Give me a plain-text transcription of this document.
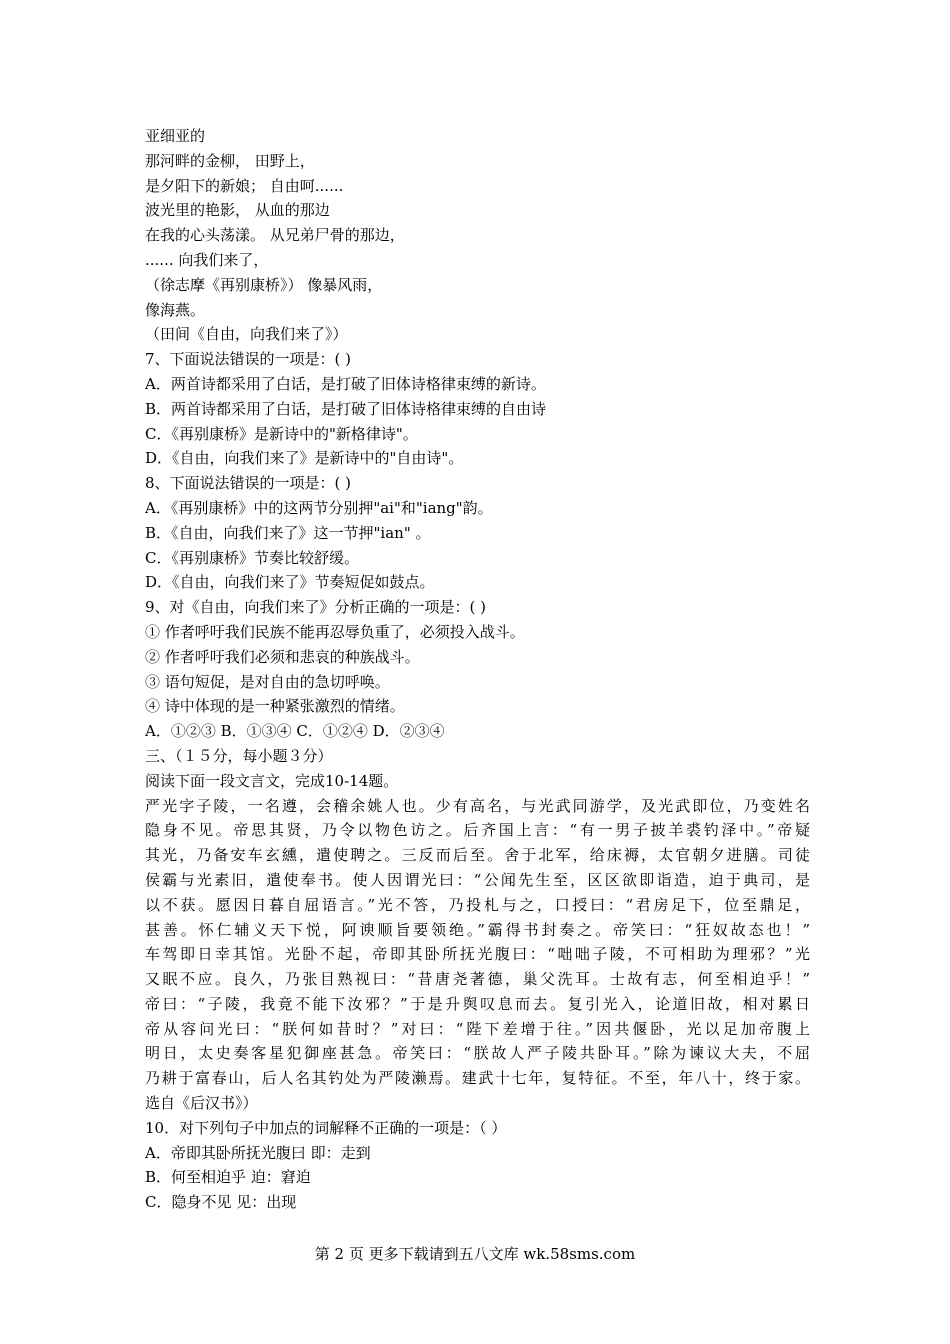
亚细亚的
那河畔的金柳， 田野上，
是夕阳下的新娘； 自由呵......
波光里的艳影， 从血的那边
在我的心头荡漾。 从兄弟尸骨的那边，
...... 向我们来了，
（徐志摩《再别康桥》） 像暴风雨，
像海燕。
（田间《自由，向我们来了》）
7、下面说法错误的一项是：( )
A．两首诗都采用了白话，是打破了旧体诗格律束缚的新诗。
B．两首诗都采用了白话，是打破了旧体诗格律束缚的自由诗
C．《再别康桥》是新诗中的"新格律诗"。
D．《自由，向我们来了》是新诗中的"自由诗"。
8、下面说法错误的一项是：( )
A．《再别康桥》中的这两节分别押"ai"和"iang"韵。
B．《自由，向我们来了》这一节押"ian" 。
C．《再别康桥》节奏比较舒缓。
D．《自由，向我们来了》节奏短促如鼓点。
9、对《自由，向我们来了》分析正确的一项是：( )
① 作者呼吁我们民族不能再忍辱负重了，必须投入战斗。
② 作者呼吁我们必须和悲哀的种族战斗。
③ 语句短促，是对自由的急切呼唤。
④ 诗中体现的是一种紧张激烈的情绪。
A．①②③ B．①③④ C．①②④ D．②③④
三、（１５分，每小题３分）
阅读下面一段文言文，完成10-14题。
严光字子陵，一名遵，会稽余姚人也。少有高名，与光武同游学，及光武即位，乃变姓名
隐身不见。帝思其贤，乃令以物色访之。后齐国上言：“有一男子披羊裘钓泽中。”帝疑
其光，乃备安车玄纁，遣使聘之。三反而后至。舍于北军，给床褥，太官朝夕进膳。司徒
侯霸与光素旧，遣使奉书。使人因谓光曰：“公闻先生至，区区欲即诣造，迫于典司，是
以不获。愿因日暮自屈语言。”光不答，乃投札与之，口授曰：“君房足下，位至鼎足，
甚善。怀仁辅义天下悦，阿谀顺旨要领绝。”霸得书封奏之。帝笑曰：“狂奴故态也！”
车驾即日幸其馆。光卧不起，帝即其卧所抚光腹曰：“咄咄子陵，不可相助为理邪？”光
又眠不应。良久，乃张目熟视曰：“昔唐尧著德，巢父洗耳。士故有志，何至相迫乎！”
帝曰：“子陵，我竟不能下汝邪？”于是升舆叹息而去。复引光入，论道旧故，相对累日
帝从容问光曰：“朕何如昔时？”对曰：“陛下差增于往。”因共偃卧，光以足加帝腹上
明日，太史奏客星犯御座甚急。帝笑曰：“朕故人严子陵共卧耳。”除为谏议大夫，不屈
乃耕于富春山，后人名其钓处为严陵濑焉。建武十七年，复特征。不至，年八十，终于家。
选自《后汉书》）
10．对下列句子中加点的词解释不正确的一项是：（ ）
A．帝即其卧所抚光腹曰 即：走到
B．何至相迫乎 迫：窘迫
C．隐身不见 见：出现
第 2 页 更多下载请到五八文库 wk.58sms.com
